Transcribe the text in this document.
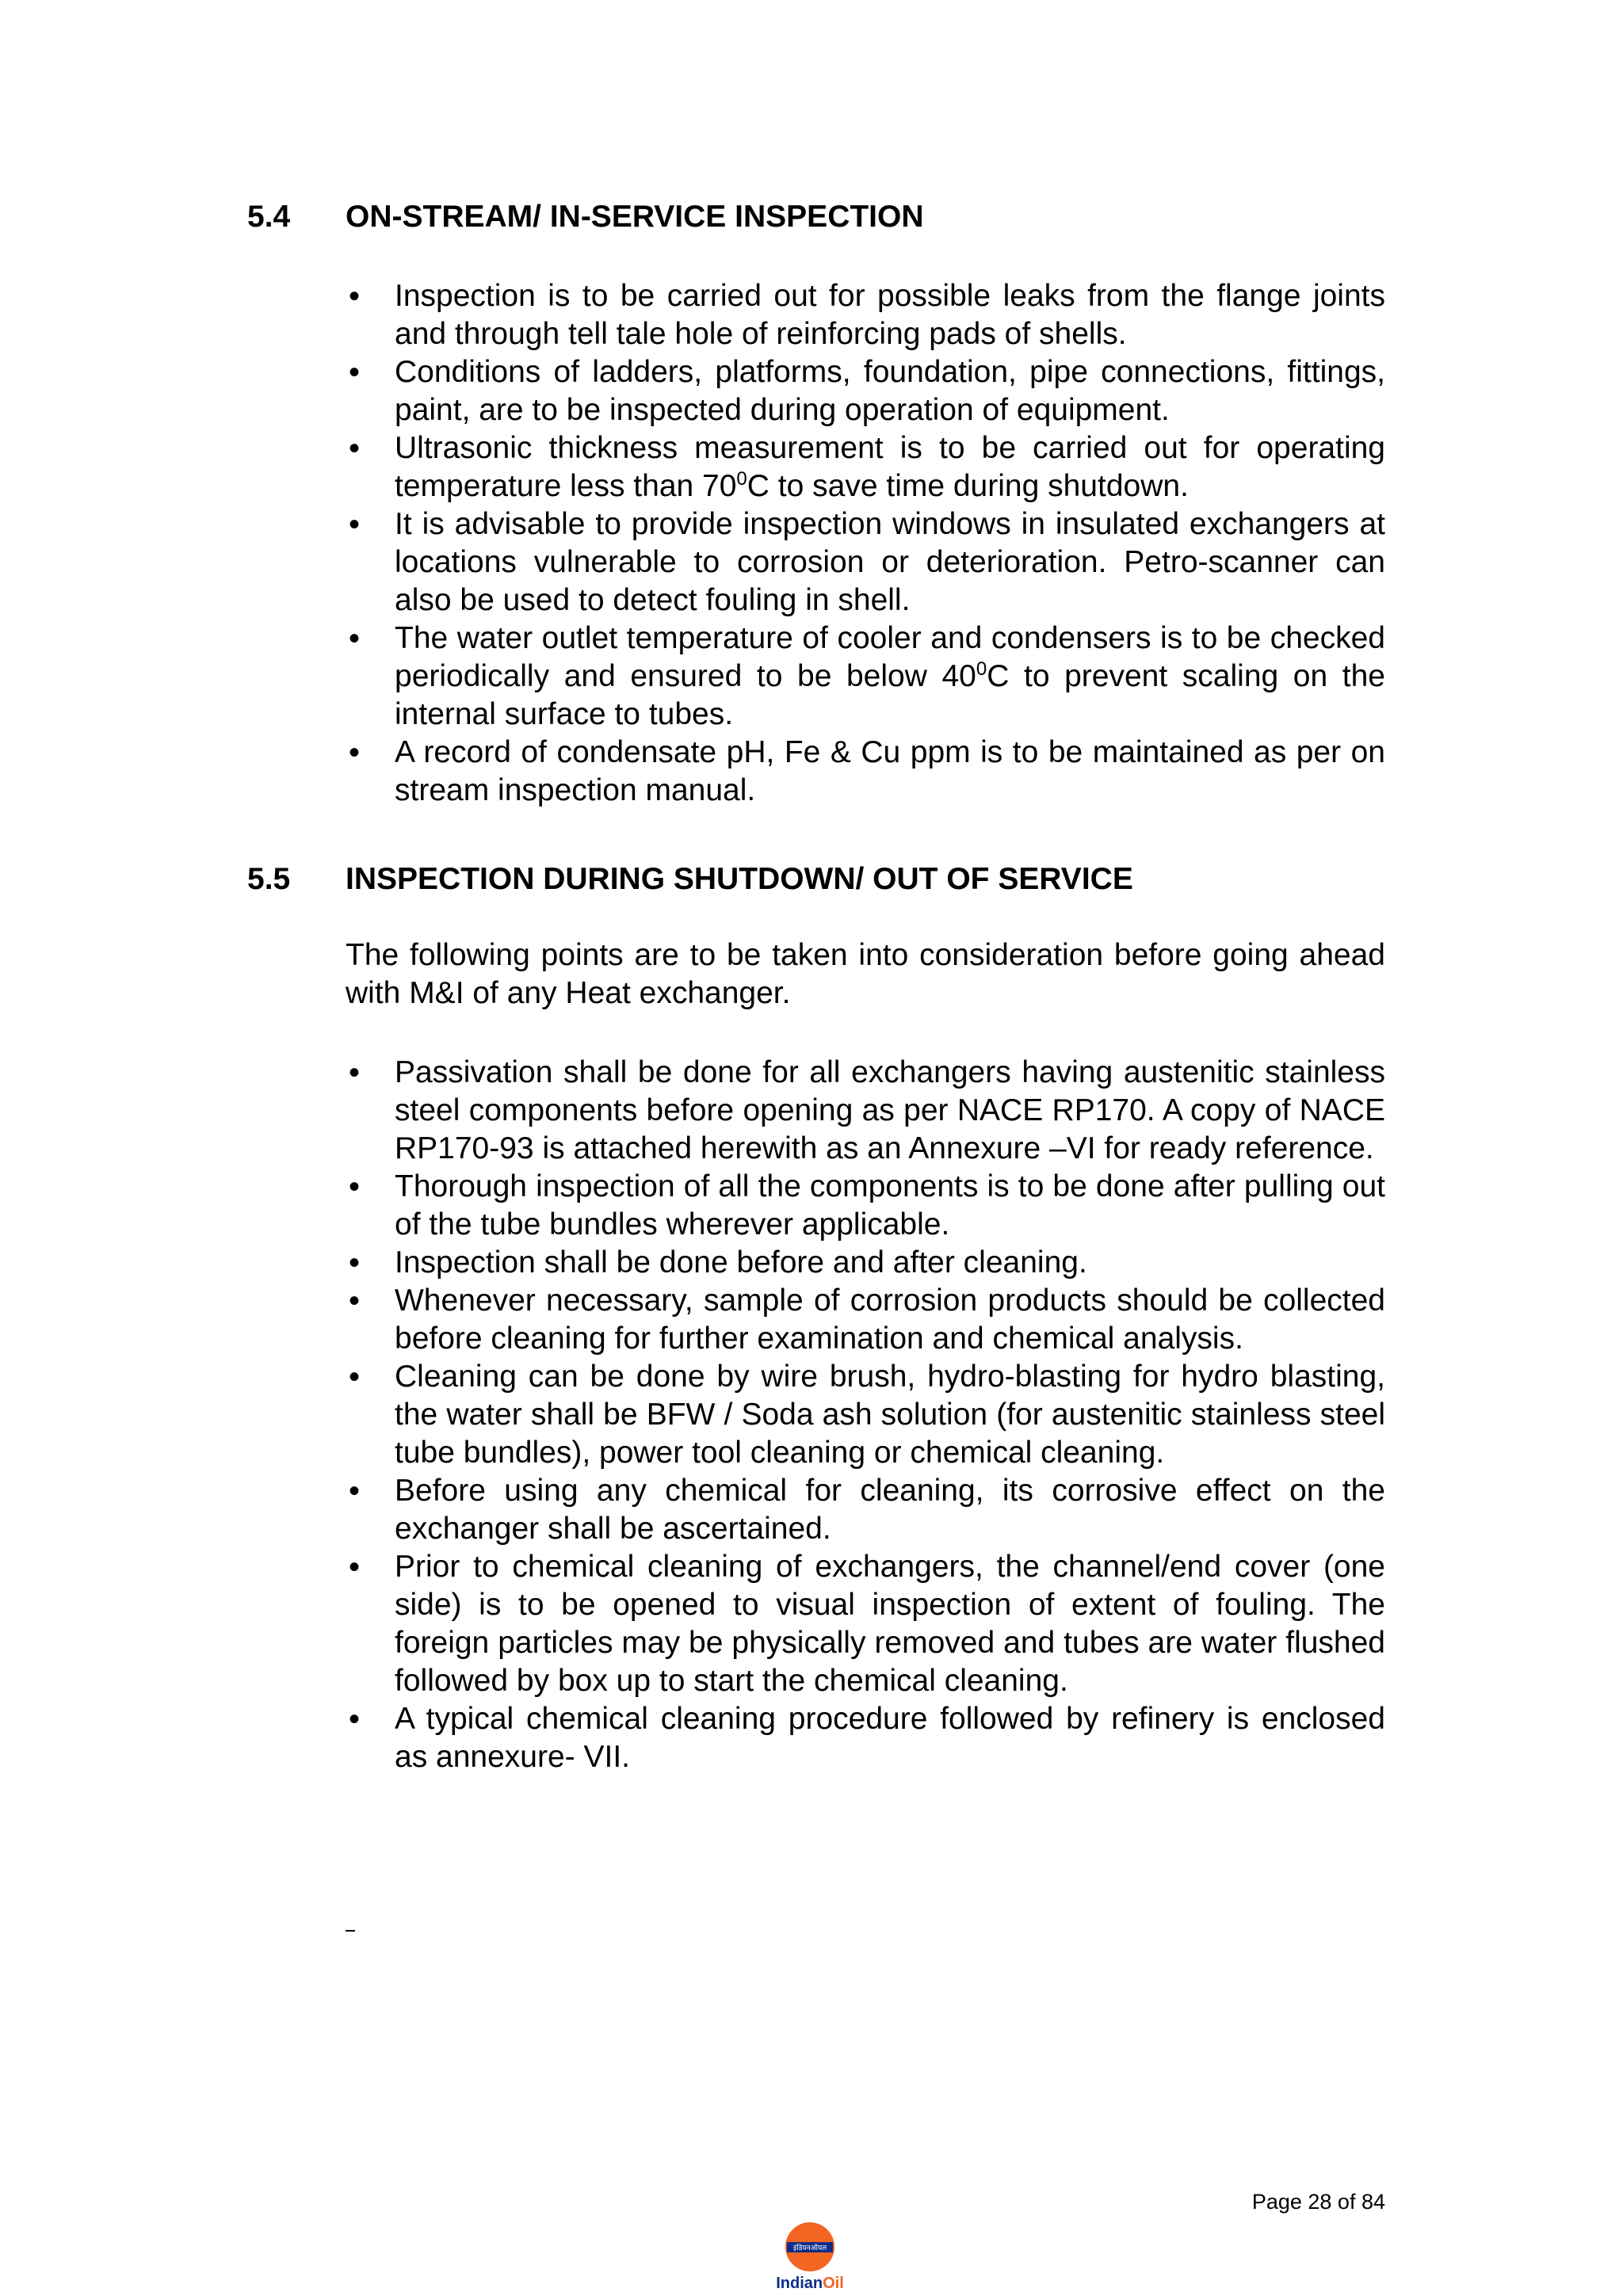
5.4 ON-STREAM/ IN-SERVICE INSPECTION
•	Inspection is to be carried out for possible leaks from the flange joints and through tell tale hole of reinforcing pads of shells.
•	Conditions of ladders, platforms, foundation, pipe connections, fittings, paint, are to be inspected during operation of equipment.
•	Ultrasonic thickness measurement is to be carried out for operating temperature less than $70^0C$ to save time during shutdown.
•	It is advisable to provide inspection windows in insulated exchangers at locations vulnerable to corrosion or deterioration. Petro-scanner can also be used to detect fouling in shell.
•	The water outlet temperature of cooler and condensers is to be checked periodically and ensured to be below $40^0C$ to prevent scaling on the internal surface to tubes.
•	A record of condensate pH, Fe & Cu ppm is to be maintained as per on stream inspection manual.
5.5 INSPECTION DURING SHUTDOWN/ OUT OF SERVICE

The following points are to be taken into consideration before going ahead with M&I of any Heat exchanger.

•	Passivation shall be done for all exchangers having austenitic stainless steel components before opening as per NACE RP170. A copy of NACE RP170-93 is attached herewith as an Annexure –VI for ready reference.
•	Thorough inspection of all the components is to be done after pulling out of the tube bundles wherever applicable.
•	Inspection shall be done before and after cleaning.
•	Whenever necessary, sample of corrosion products should be collected before cleaning for further examination and chemical analysis.
•	Cleaning can be done by wire brush, hydro-blasting for hydro blasting, the water shall be BFW / Soda ash solution (for austenitic stainless steel tube bundles), power tool cleaning or chemical cleaning.
•	Before using any chemical for cleaning, its corrosive effect on the exchanger shall be ascertained.
•	Prior to chemical cleaning of exchangers, the channel/end cover (one side) is to be opened to visual inspection of extent of fouling. The foreign particles may be physically removed and tubes are water flushed followed by box up to start the chemical cleaning.
•	A typical chemical cleaning procedure followed by refinery is enclosed as annexure- VII.
Page 28 of 84
इंडियनऑयल
IndianOil
